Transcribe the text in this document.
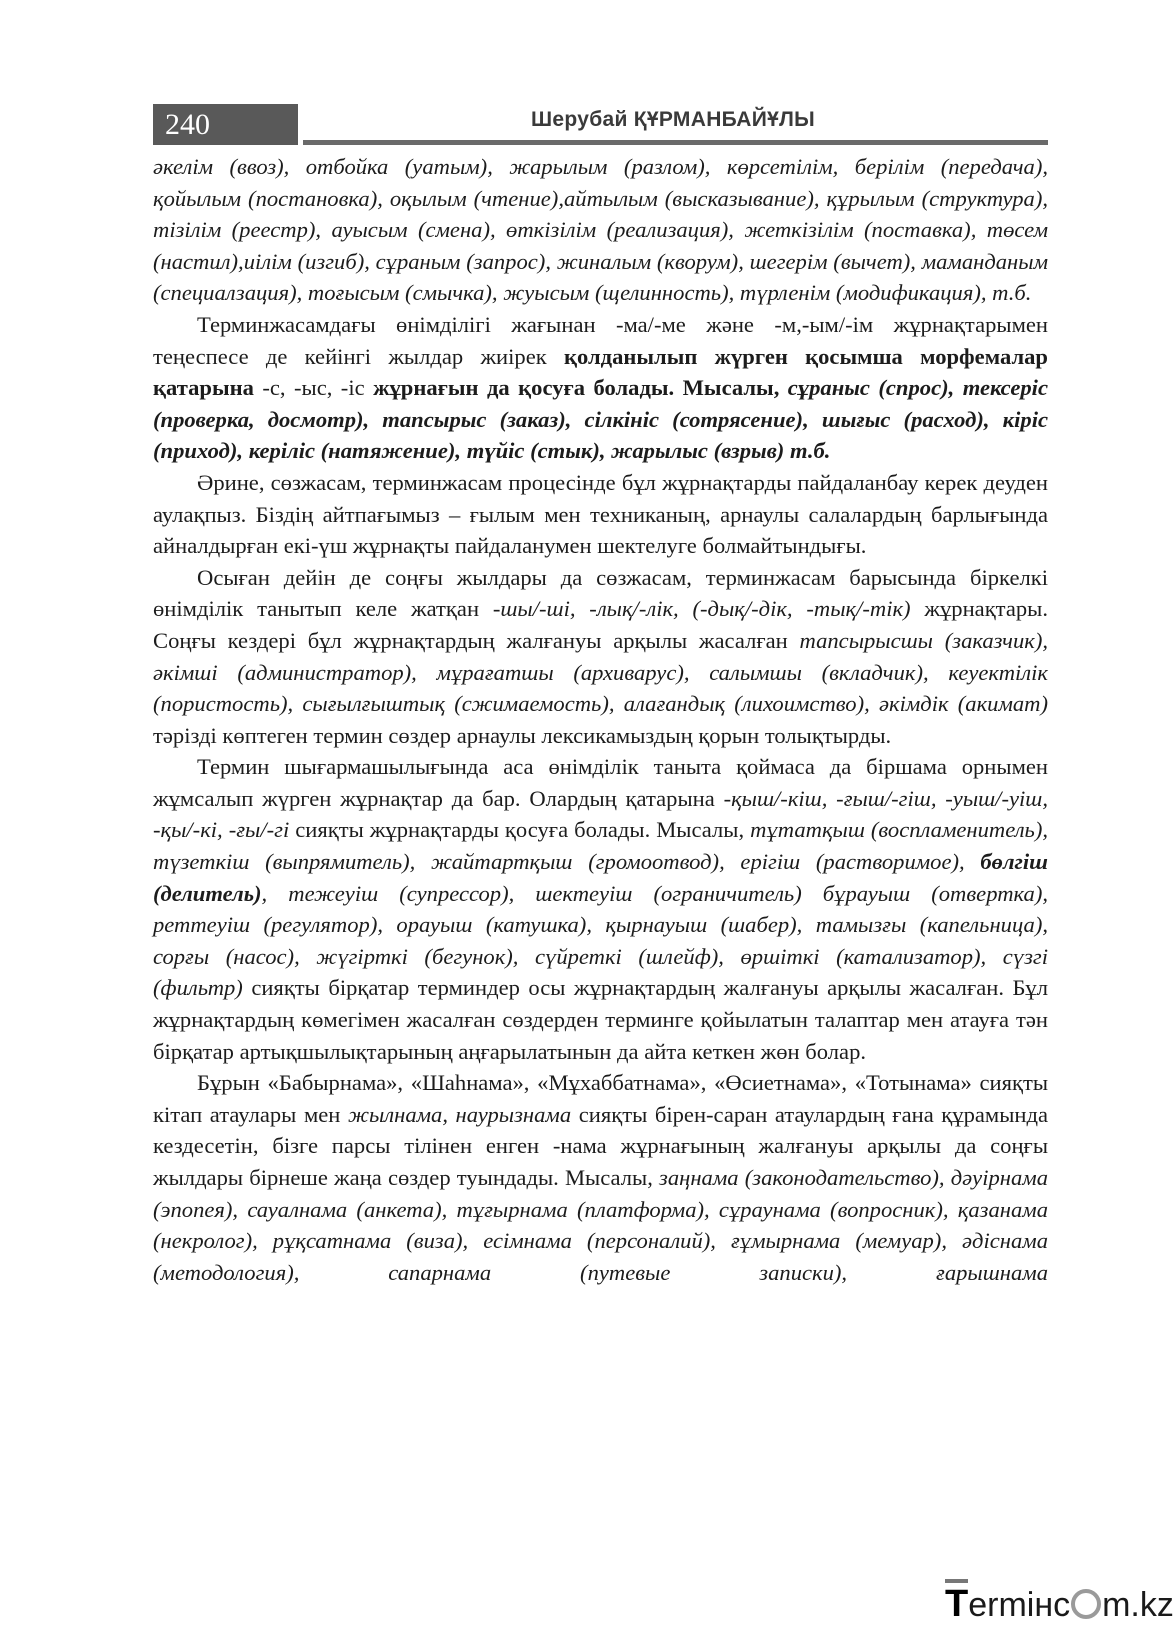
240	Шерубай ҚҰРМАНБАЙҰЛЫ

әкелім (ввоз), отбойка (уатым), жарылым (разлом), көрсетілім, берілім (передача), қойылым (постановка), оқылым (чтение),айтылым (высказывание), құрылым (структура), тізілім (реестр), ауысым (смена), өткізілім (реализация), жеткізілім (поставка), төсем (настил),иілім (изгиб), сұраным (запрос), жиналым (кворум), шегерім (вычет), маманданым (специалзация), тоғысым (смычка), жуысым (щелинность), түрленім (модификация), т.б.

Терминжасамдағы өнімділігі жағынан -ма/-ме және -м,-ым/-ім жұрнақтарымен теңеспесе де кейінгі жылдар жиірек қолданылып жүрген қосымша морфемалар қатарына -с, -ыс, -іс жұрнағын да қосуға болады. Мысалы, сұраныс (спрос), тексеріс (проверка, досмотр), тапсырыс (заказ), сілкініс (сотрясение), шығыс (расход), кіріс (приход), керіліс (натяжение), түйіс (стык), жарылыс (взрыв) т.б.

Әрине, сөзжасам, терминжасам процесінде бұл жұрнақтарды пайдаланбау керек деуден аулақпыз. Біздің айтпағымыз – ғылым мен техниканың, арнаулы салалардың барлығында айналдырған екі-үш жұрнақты пайдаланумен шектелуге болмайтындығы.

Осыған дейін де соңғы жылдары да сөзжасам, терминжасам барысында біркелкі өнімділік танытып келе жатқан -шы/-ші, -лық/-лік, (-дық/-дік, -тық/-тік) жұрнақтары. Соңғы кездері бұл жұрнақтардың жалғануы арқылы жасалған тапсырысшы (заказчик), әкімші (администратор), мұрағатшы (архиварус), салымшы (вкладчик), кеуектілік (пористость), сығылғыштық (сжимаемость), алағандық (лихоимство), әкімдік (акимат) тәрізді көптеген термин сөздер арнаулы лексикамыздың қорын толықтырды.

Термин шығармашылығында аса өнімділік таныта қоймаса да біршама орнымен жұмсалып жүрген жұрнақтар да бар. Олардың қатарына -қыш/-кіш, -ғыш/-гіш, -уыш/-уіш, -қы/-кі, -ғы/-гі сияқты жұрнақтарды қосуға болады. Мысалы, тұтатқыш (воспламенитель), түзеткіш (выпрямитель), жайтартқыш (громоотвод), ерігіш (растворимое), бөлгіш (делитель), тежеуіш (супрессор), шектеуіш (ограничитель) бұрауыш (отвертка), реттеуіш (регулятор), орауыш (катушка), қырнауыш (шабер), тамызғы (капельница), сорғы (насос), жүгірткі (бегунок), сүйреткі (шлейф), өршіткі (катализатор), сүзгі (фильтр) сияқты бірқатар терминдер осы жұрнақтардың жалғануы арқылы жасалған. Бұл жұрнақтардың көмегімен жасалған сөздерден терминге қойылатын талаптар мен атауға тән бірқатар артықшылықтарының аңғарылатынын да айта кеткен жөн болар.

Бұрын «Бабырнама», «Шаһнама», «Мұхаббатнама», «Өсиетнама», «Тотынама» сияқты кітап атаулары мен жылнама, наурызнама сияқты бірен-саран атаулардың ғана құрамында кездесетін, бізге парсы тілінен енген -нама жұрнағының жалғануы арқылы да соңғы жылдары бірнеше жаңа сөздер туындады. Мысалы, заңнама (законодательство), дәуірнама (эпопея), сауалнама (анкета), тұғырнама (платформа), сұраунама (вопросник), қазанама (некролог), рұқсатнама (виза), есімнама (персоналий), ғұмырнама (мемуар), әдіснама (методология), сапарнама (путевые записки), ғарышнама

Termінc m.kz
